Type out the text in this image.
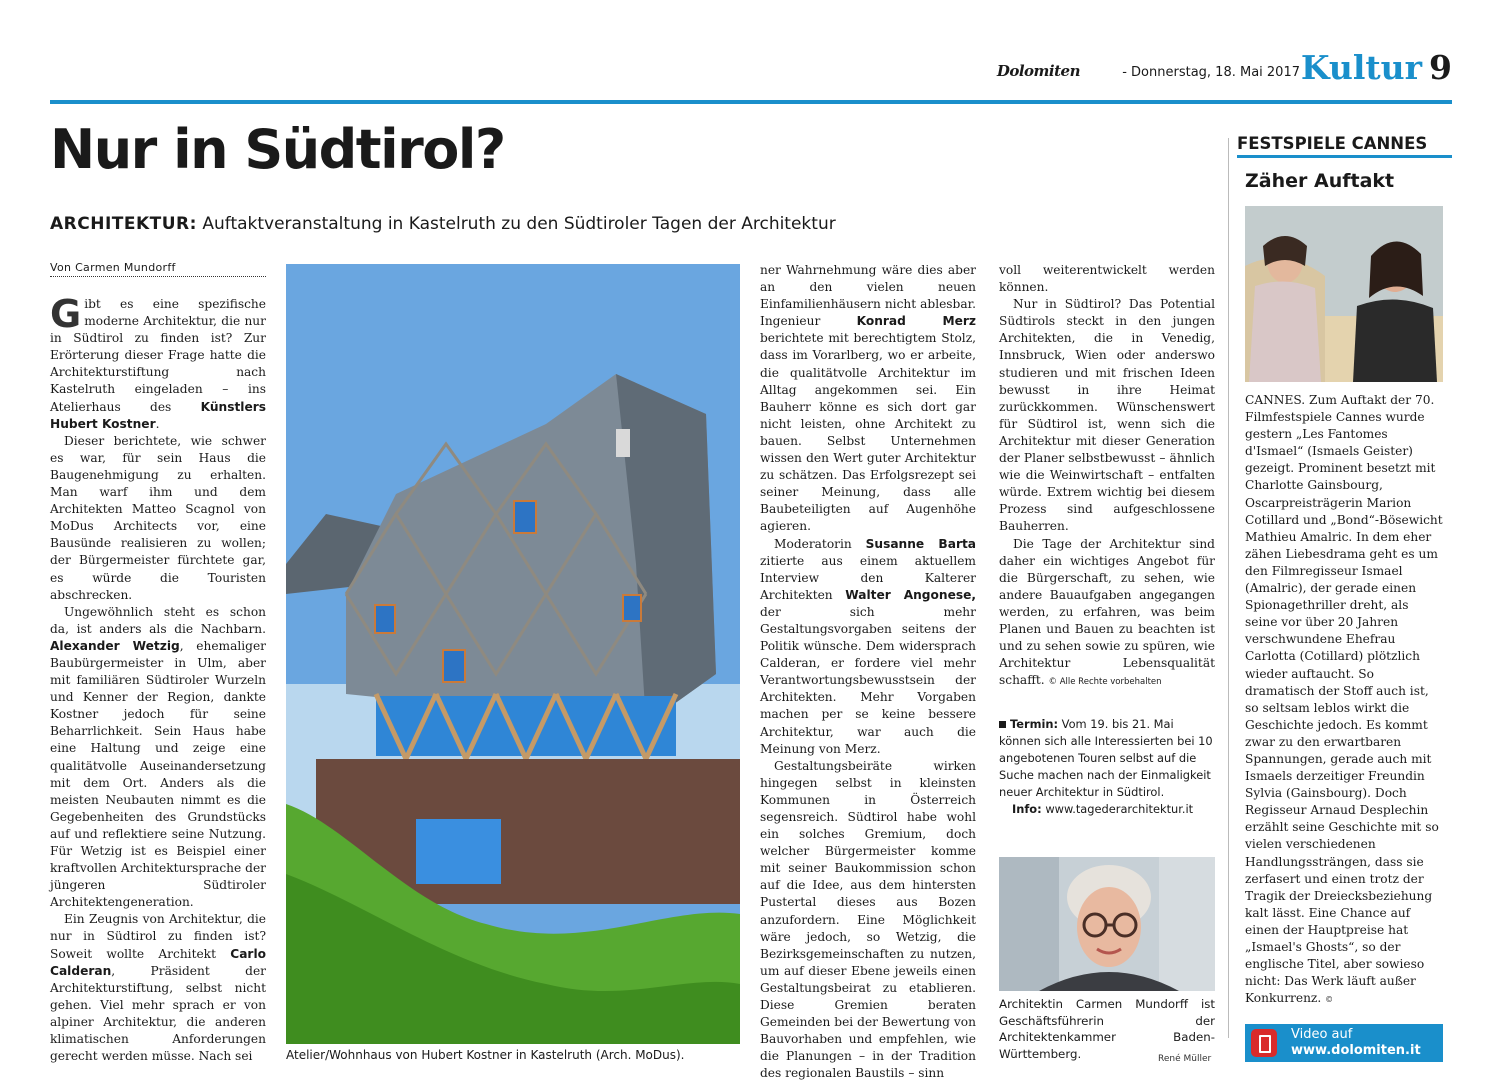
Dolomiten	- Donnerstag, 18. Mai 2017 Kultur 9
Nur in Südtirol?
ARCHITEKTUR: Auftaktveranstaltung in Kastelruth zu den Südtiroler Tagen der Architektur
Von Carmen Mundorff

Gibt es eine spezifische moderne Architektur, die nur in Südtirol zu finden ist? Zur Erörterung dieser Frage hatte die Architekturstiftung nach Kastelruth eingeladen – ins Atelierhaus des Künstlers Hubert Kostner.

Dieser berichtete, wie schwer es war, für sein Haus die Baugenehmigung zu erhalten. Man warf ihm und dem Architekten Matteo Scagnol von MoDus Architects vor, eine Bausünde realisieren zu wollen; der Bürgermeister fürchtete gar, es würde die Touristen abschrecken.

Ungewöhnlich steht es schon da, ist anders als die Nachbarn. Alexander Wetzig, ehemaliger Baubürgermeister in Ulm, aber mit familiären Südtiroler Wurzeln und Kenner der Region, dankte Kostner jedoch für seine Beharrlichkeit. Sein Haus habe eine Haltung und zeige eine qualitätvolle Auseinandersetzung mit dem Ort. Anders als die meisten Neubauten nimmt es die Gegebenheiten des Grundstücks auf und reflektiere seine Nutzung. Für Wetzig ist es Beispiel einer kraftvollen Architektursprache der jüngeren Südtiroler Architektengeneration.

Ein Zeugnis von Architektur, die nur in Südtirol zu finden ist? Soweit wollte Architekt Carlo Calderan, Präsident der Architekturstiftung, selbst nicht gehen. Viel mehr sprach er von alpiner Architektur, die anderen klimatischen Anforderungen gerecht werden müsse. Nach sei	Atelier/Wohnhaus von Hubert Kostner in Kastelruth (Arch. MoDus).

ner Wahrnehmung wäre dies aber an den vielen neuen Einfamilienhäusern nicht ablesbar. Ingenieur Konrad Merz berichtete mit berechtigtem Stolz, dass im Vorarlberg, wo er arbeite, die qualitätvolle Architektur im Alltag angekommen sei. Ein Bauherr könne es sich dort gar nicht leisten, ohne Architekt zu bauen. Selbst Unternehmen wissen den Wert guter Architektur zu schätzen. Das Erfolgsrezept sei seiner Meinung, dass alle Baubeteiligten auf Augenhöhe agieren.

Moderatorin Susanne Barta zitierte aus einem aktuellem Interview den Kalterer Architekten Walter Angonese, der sich mehr Gestaltungsvorgaben seitens der Politik wünsche. Dem widersprach Calderan, er fordere viel mehr Verantwortungsbewusstsein der Architekten. Mehr Vorgaben machen per se keine bessere Architektur, war auch die Meinung von Merz.

Gestaltungsbeiräte wirken hingegen selbst in kleinsten Kommunen in Österreich segensreich. Südtirol habe wohl ein solches Gremium, doch welcher Bürgermeister komme mit seiner Baukommission schon auf die Idee, aus dem hintersten Pustertal dieses aus Bozen anzufordern. Eine Möglichkeit wäre jedoch, so Wetzig, die Bezirksgemeinschaften zu nutzen, um auf dieser Ebene jeweils einen Gestaltungsbeirat zu etablieren. Diese Gremien beraten Gemeinden bei der Bewertung von Bauvorhaben und empfehlen, wie die Planungen – in der Tradition des regionalen Baustils – sinn

voll weiterentwickelt werden können.

Nur in Südtirol? Das Potential Südtirols steckt in den jungen Architekten, die in Venedig, Innsbruck, Wien oder anderswo studieren und mit frischen Ideen bewusst in ihre Heimat zurückkommen. Wünschenswert für Südtirol ist, wenn sich die Architektur mit dieser Generation der Planer selbstbewusst – ähnlich wie die Weinwirtschaft – entfalten würde. Extrem wichtig bei diesem Prozess sind aufgeschlossene Bauherren.

Die Tage der Architektur sind daher ein wichtiges Angebot für die Bürgerschaft, zu sehen, wie andere Bauaufgaben angegangen werden, zu erfahren, was beim Planen und Bauen zu beachten ist und zu sehen sowie zu spüren, wie Architektur Lebensqualität schafft. © Alle Rechte vorbehalten

Termin: Vom 19. bis 21. Mai können sich alle Interessierten bei 10 angebotenen Touren selbst auf die Suche machen nach der Einmaligkeit neuer Architektur in Südtirol.
Info: www.tagederarchitektur.it
Architektin Carmen Mundorff ist Geschäftsführerin der Architektenkammer Baden-Württemberg.	René Müller
FESTSPIELE CANNES
Zäher Auftakt
CANNES. Zum Auftakt der 70. Filmfestspiele Cannes wurde gestern „Les Fantomes d'Ismael“ (Ismaels Geister) gezeigt. Prominent besetzt mit Charlotte Gainsbourg, Oscarpreisträgerin Marion Cotillard und „Bond“-Bösewicht Mathieu Amalric. In dem eher zähen Liebesdrama geht es um den Filmregisseur Ismael (Amalric), der gerade einen Spionagethriller dreht, als seine vor über 20 Jahren verschwundene Ehefrau Carlotta (Cotillard) plötzlich wieder auftaucht. So dramatisch der Stoff auch ist, so seltsam leblos wirkt die Geschichte jedoch. Es kommt zwar zu den erwartbaren Spannungen, gerade auch mit Ismaels derzeitiger Freundin Sylvia (Gainsbourg). Doch Regisseur Arnaud Desplechin erzählt seine Geschichte mit so vielen verschiedenen Handlungssträngen, dass sie zerfasert und einen trotz der Tragik der Dreiecksbeziehung kalt lässt. Eine Chance auf einen der Hauptpreise hat „Ismael's Ghosts“, so der englische Titel, aber sowieso nicht: Das Werk läuft außer Konkurrenz. ©
Video auf
www.dolomiten.it
